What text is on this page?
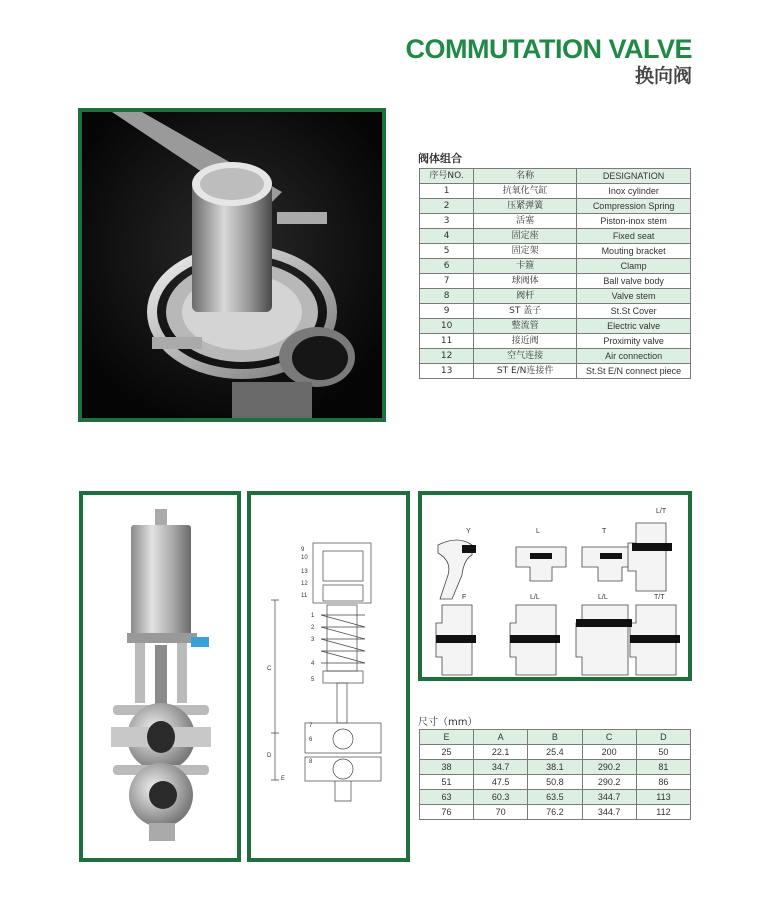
COMMUTATION VALVE
换向阀
阀体组合
序号NO.	名称	DESIGNATION
1	抗氧化气缸	Inox cylinder
2	压紧弹簧	Compression Spring
3	活塞	Piston-inox stem
4	固定座	Fixed seat
5	固定架	Mouting bracket
6	卡箍	Clamp
7	球阀体	Ball valve body
8	阀杆	Valve stem
9	ST 盖子	St.St Cover
10	整流管	Electric valve
11	接近阀	Proximity valve
12	空气连接	Air connection
13	ST E/N连接件	St.St E/N connect piece
9
10
13
12
11
1
2
3
4
5
7
6
8
C
D
E
Y	L	T
L/T
F	L/L	L/L	T/T
尺寸（mm）
E	A	B	C	D
25	22.1	25.4	200	50
38	34.7	38.1	290.2	81
51	47.5	50.8	290.2	86
63	60.3	63.5	344.7	113
76	70	76.2	344.7	112
